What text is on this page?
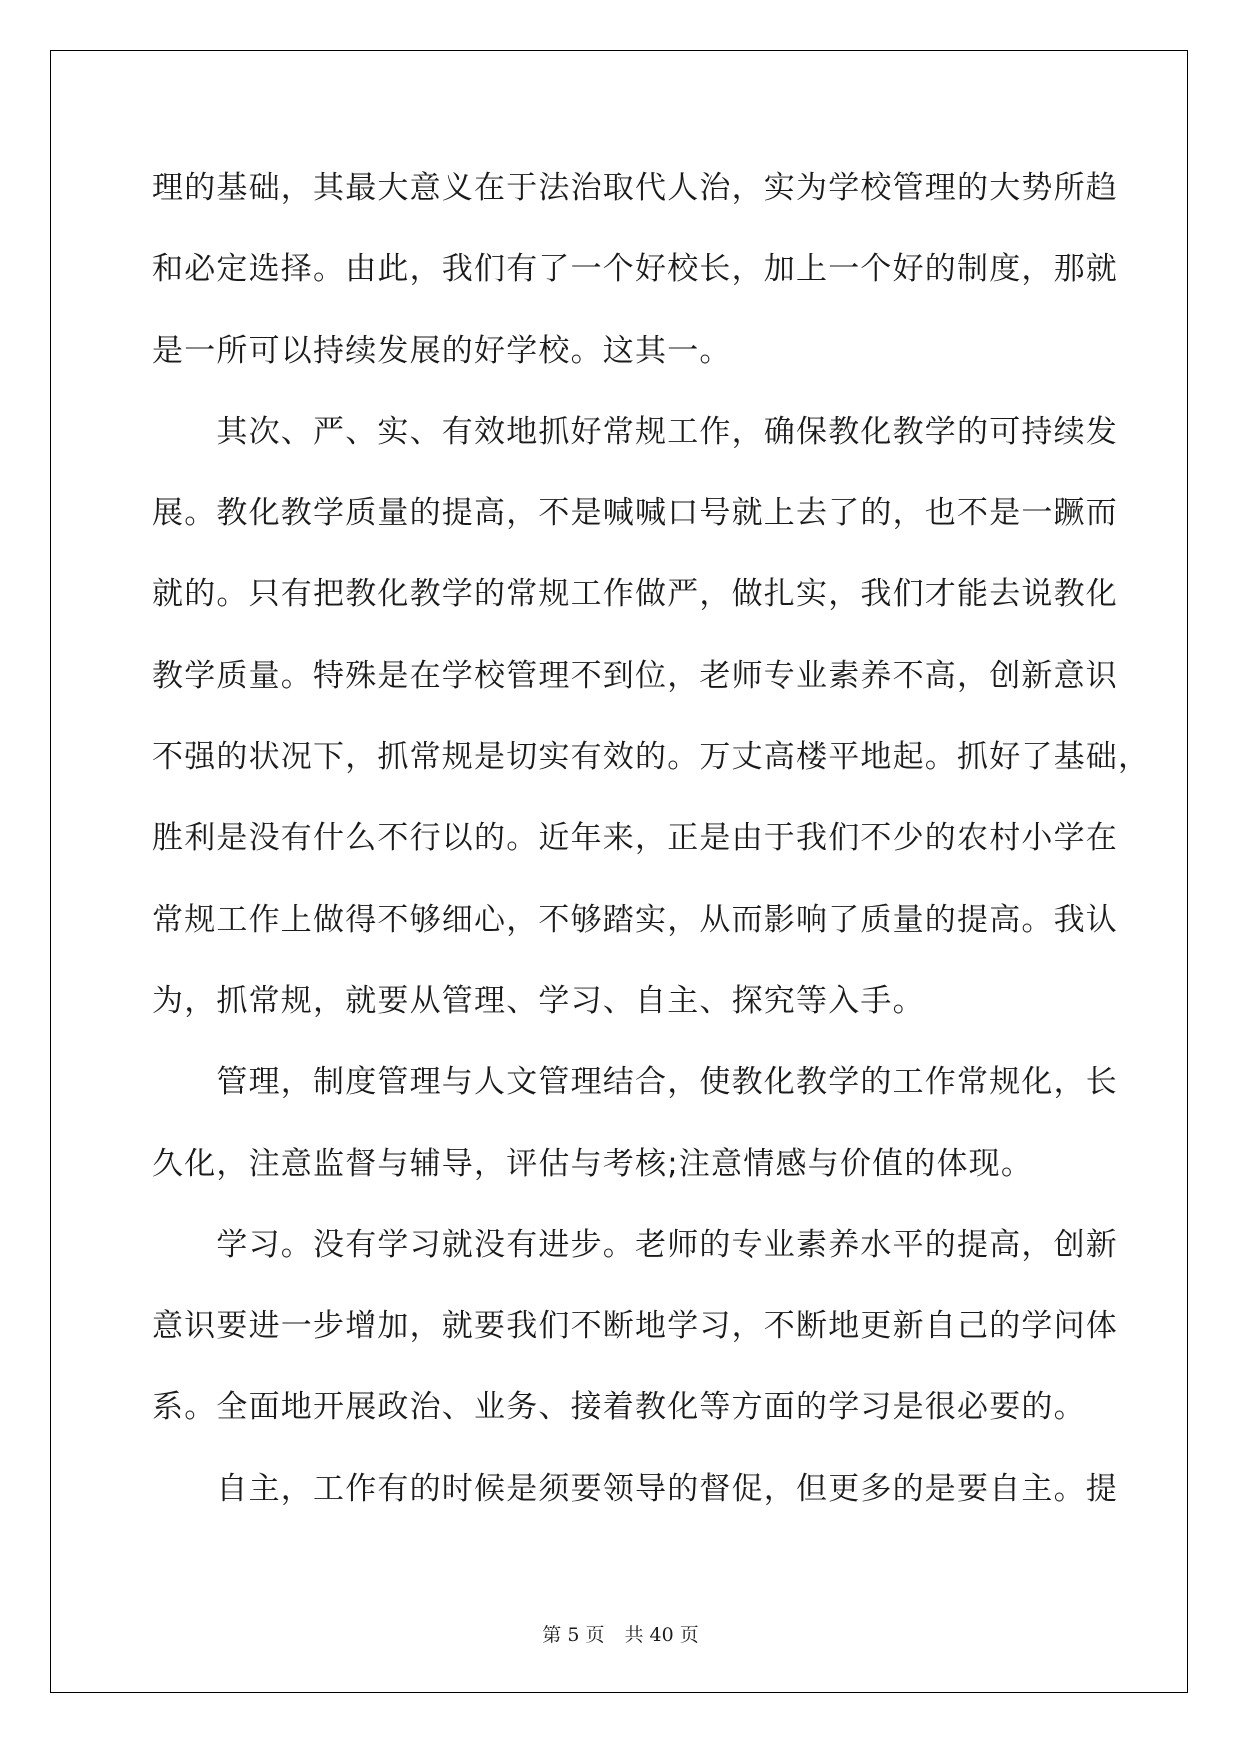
理的基础，其最大意义在于法治取代人治，实为学校管理的大势所趋
和必定选择。由此，我们有了一个好校长，加上一个好的制度，那就
是一所可以持续发展的好学校。这其一。
　　其次、严、实、有效地抓好常规工作，确保教化教学的可持续发
展。教化教学质量的提高，不是喊喊口号就上去了的，也不是一蹶而
就的。只有把教化教学的常规工作做严，做扎实，我们才能去说教化
教学质量。特殊是在学校管理不到位，老师专业素养不高，创新意识
不强的状况下，抓常规是切实有效的。万丈高楼平地起。抓好了基础，
胜利是没有什么不行以的。近年来，正是由于我们不少的农村小学在
常规工作上做得不够细心，不够踏实，从而影响了质量的提高。我认
为，抓常规，就要从管理、学习、自主、探究等入手。
　　管理，制度管理与人文管理结合，使教化教学的工作常规化，长
久化，注意监督与辅导，评估与考核;注意情感与价值的体现。
　　学习。没有学习就没有进步。老师的专业素养水平的提高，创新
意识要进一步增加，就要我们不断地学习，不断地更新自己的学问体
系。全面地开展政治、业务、接着教化等方面的学习是很必要的。
　　自主，工作有的时候是须要领导的督促，但更多的是要自主。提
第 5 页 共 40 页
